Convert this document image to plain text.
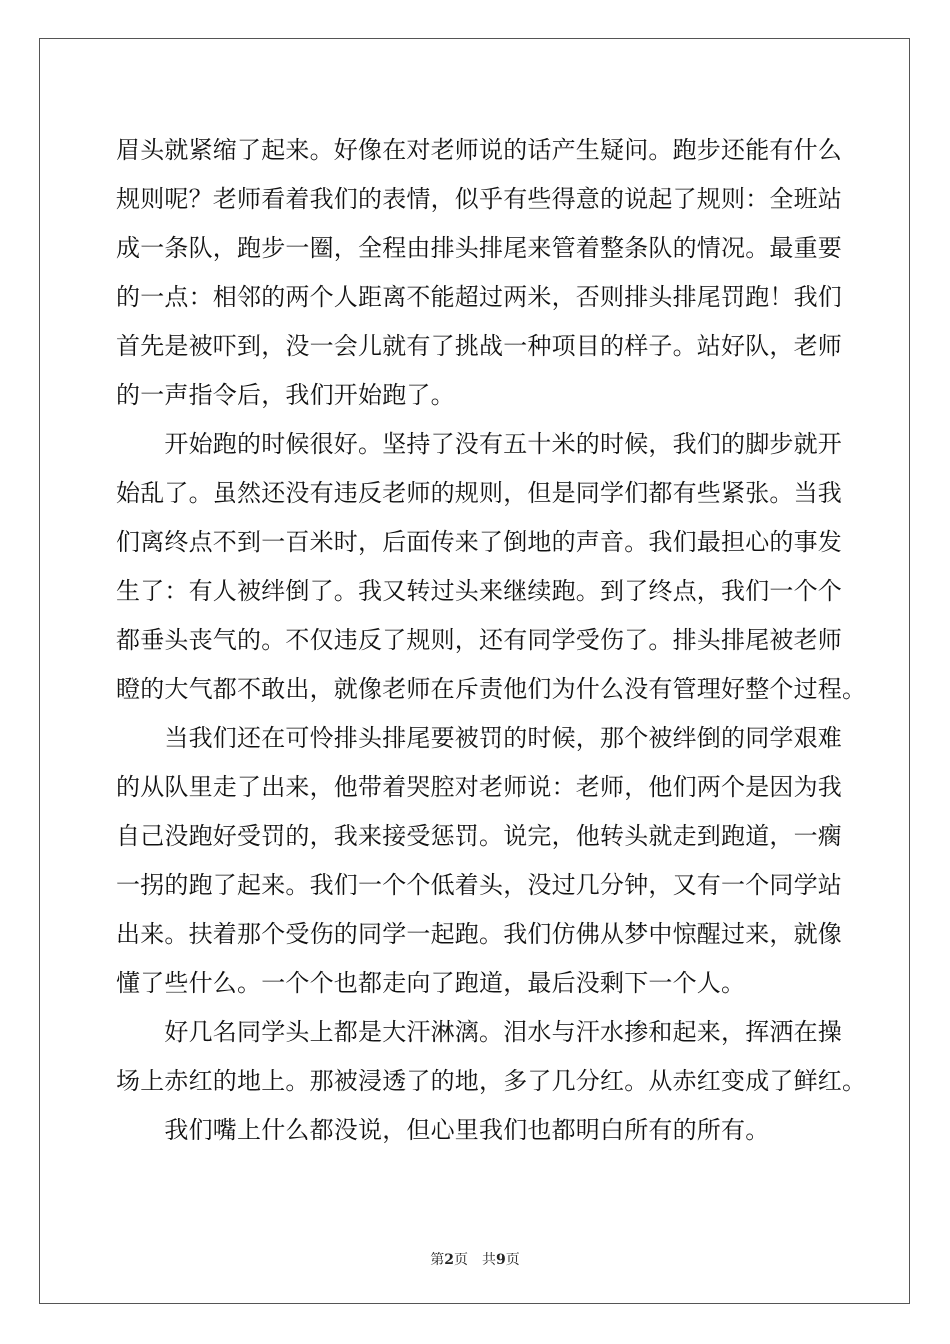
眉头就紧缩了起来。好像在对老师说的话产生疑问。跑步还能有什么
规则呢？老师看着我们的表情，似乎有些得意的说起了规则：全班站
成一条队，跑步一圈，全程由排头排尾来管着整条队的情况。最重要
的一点：相邻的两个人距离不能超过两米，否则排头排尾罚跑！我们
首先是被吓到，没一会儿就有了挑战一种项目的样子。站好队，老师
的一声指令后，我们开始跑了。
　　开始跑的时候很好。坚持了没有五十米的时候，我们的脚步就开
始乱了。虽然还没有违反老师的规则，但是同学们都有些紧张。当我
们离终点不到一百米时，后面传来了倒地的声音。我们最担心的事发
生了：有人被绊倒了。我又转过头来继续跑。到了终点，我们一个个
都垂头丧气的。不仅违反了规则，还有同学受伤了。排头排尾被老师
瞪的大气都不敢出，就像老师在斥责他们为什么没有管理好整个过程。
　　当我们还在可怜排头排尾要被罚的时候，那个被绊倒的同学艰难
的从队里走了出来，他带着哭腔对老师说：老师，他们两个是因为我
自己没跑好受罚的，我来接受惩罚。说完，他转头就走到跑道，一瘸
一拐的跑了起来。我们一个个低着头，没过几分钟，又有一个同学站
出来。扶着那个受伤的同学一起跑。我们仿佛从梦中惊醒过来，就像
懂了些什么。一个个也都走向了跑道，最后没剩下一个人。
　　好几名同学头上都是大汗淋漓。泪水与汗水掺和起来，挥洒在操
场上赤红的地上。那被浸透了的地，多了几分红。从赤红变成了鲜红。
　　我们嘴上什么都没说，但心里我们也都明白所有的所有。
第2页　共9页
